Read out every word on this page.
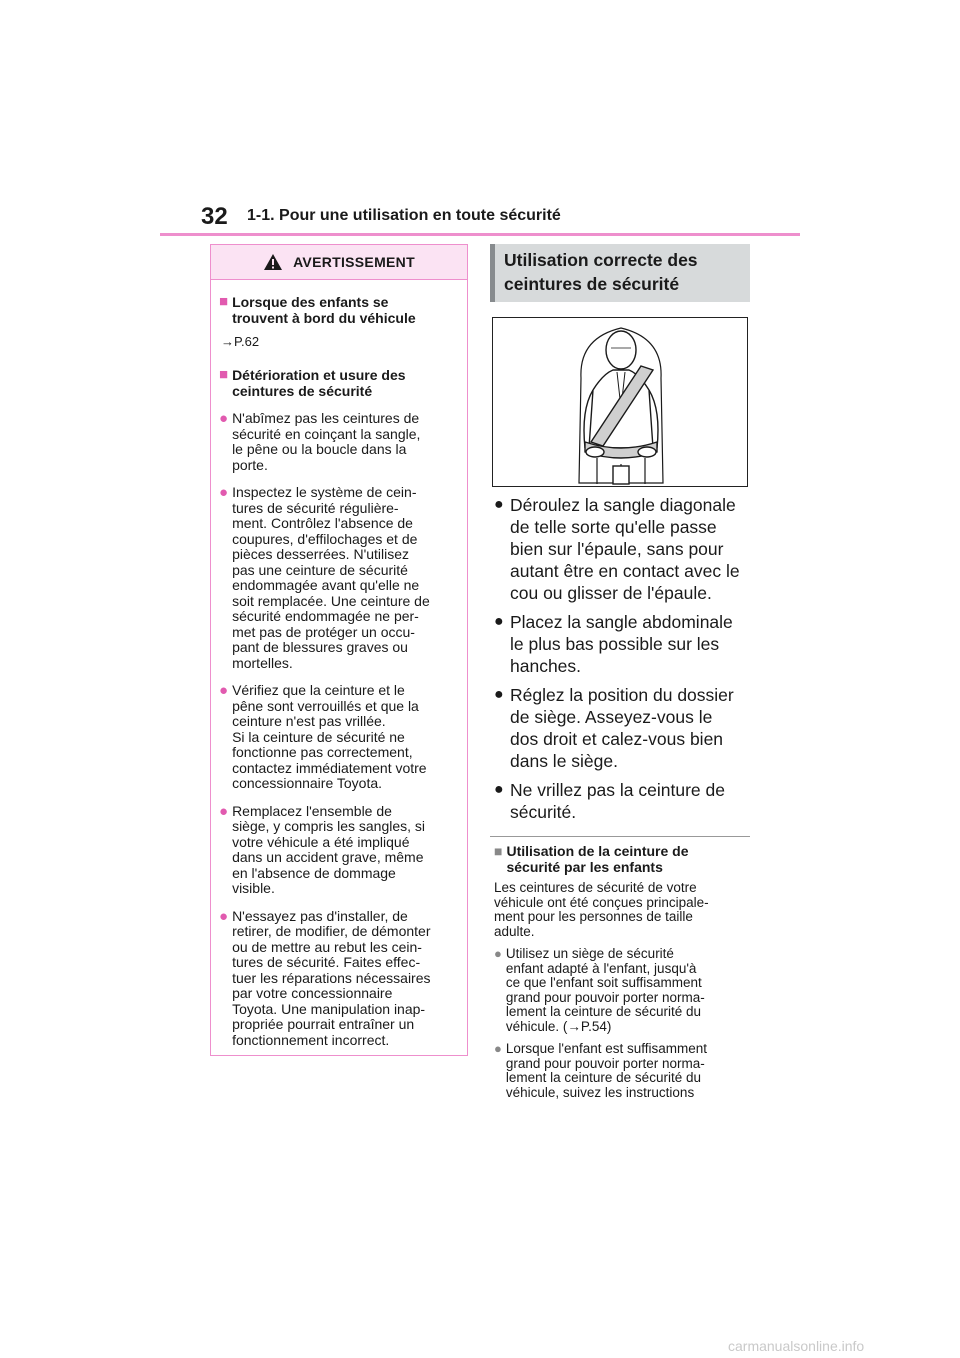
32 1-1. Pour une utilisation en toute sécurité
AVERTISSEMENT
■ Lorsque des enfants se
trouvent à bord du véhicule
→P.62
■ Détérioration et usure des
ceintures de sécurité
● N'abîmez pas les ceintures de
sécurité en coinçant la sangle,
le pêne ou la boucle dans la
porte.
● Inspectez le système de cein-
tures de sécurité régulière-
ment. Contrôlez l'absence de
coupures, d'effilochages et de
pièces desserrées. N'utilisez
pas une ceinture de sécurité
endommagée avant qu'elle ne
soit remplacée. Une ceinture de
sécurité endommagée ne per-
met pas de protéger un occu-
pant de blessures graves ou
mortelles.
● Vérifiez que la ceinture et le
pêne sont verrouillés et que la
ceinture n'est pas vrillée.
Si la ceinture de sécurité ne
fonctionne pas correctement,
contactez immédiatement votre
concessionnaire Toyota.
● Remplacez l'ensemble de
siège, y compris les sangles, si
votre véhicule a été impliqué
dans un accident grave, même
en l'absence de dommage
visible.
● N'essayez pas d'installer, de
retirer, de modifier, de démonter
ou de mettre au rebut les cein-
tures de sécurité. Faites effec-
tuer les réparations nécessaires
par votre concessionnaire
Toyota. Une manipulation inap-
propriée pourrait entraîner un
fonctionnement incorrect.
Utilisation correcte des
ceintures de sécurité
● Déroulez la sangle diagonale
de telle sorte qu'elle passe
bien sur l'épaule, sans pour
autant être en contact avec le
cou ou glisser de l'épaule.
● Placez la sangle abdominale
le plus bas possible sur les
hanches.
● Réglez la position du dossier
de siège. Asseyez-vous le
dos droit et calez-vous bien
dans le siège.
● Ne vrillez pas la ceinture de
sécurité.
■ Utilisation de la ceinture de
sécurité par les enfants
Les ceintures de sécurité de votre
véhicule ont été conçues principale-
ment pour les personnes de taille
adulte.
● Utilisez un siège de sécurité
enfant adapté à l'enfant, jusqu'à
ce que l'enfant soit suffisamment
grand pour pouvoir porter norma-
lement la ceinture de sécurité du
véhicule. (→P.54)
● Lorsque l'enfant est suffisamment
grand pour pouvoir porter norma-
lement la ceinture de sécurité du
véhicule, suivez les instructions
carmanualsonline.info
